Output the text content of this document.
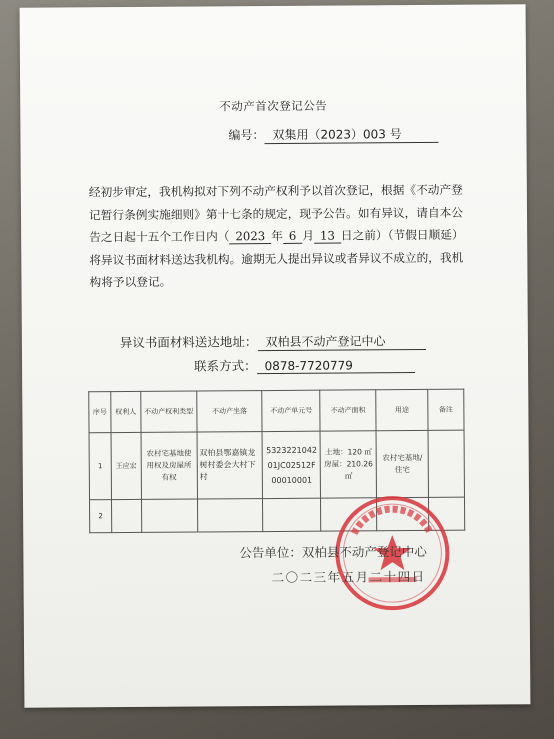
不动产首次登记公告
编号： 双集用（2023）003 号
经初步审定，我机构拟对下列不动产权利予以首次登记，根据《不动产登记暂行条例实施细则》第十七条的规定，现予公告。如有异议，请自本公告之日起十五个工作日内（ 2023 年 6 月 13 日之前）（节假日顺延）将异议书面材料送达我机构。逾期无人提出异议或者异议不成立的，我机构将予以登记。
异议书面材料送达地址： 双柏县不动产登记中心
联系方式： 0878-7720779
序号	权利人	不动产权利类型	不动产坐落	不动产单元号	不动产面积	用途	备注
1	王应宏	农村宅基地使用权及房屋所有权	双柏县鄂嘉镇龙树村委会大村下村	532322104201JC02512F00010001	土地：120 ㎡ 房屋：210.26 ㎡	农村宅基地/住宅	
2							
公告单位：双柏县不动产登记中心
二〇二三年五月二十四日
